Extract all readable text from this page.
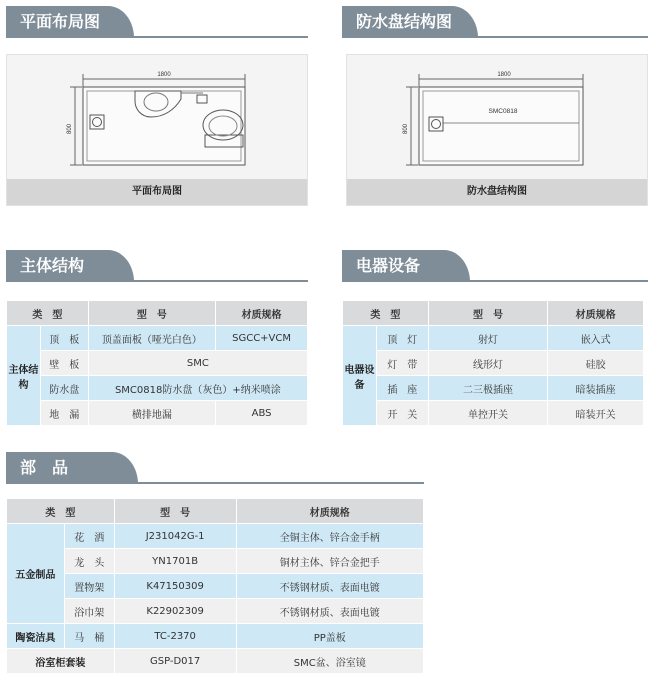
平面布局图
1800
800
平面布局图
防水盘结构图
1800
800
SMC0818
防水盘结构图
主体结构
类　型		型　号	材质规格
主体结构	顶　板	顶盖面板（哑光白色）	SGCC+VCM
	壁　板	SMC	
	防水盘	SMC0818防水盘（灰色）+纳米喷涂	
	地　漏	横排地漏	ABS
电器设备
类　型		型　号	材质规格
电器设备	顶　灯	射灯	嵌入式
	灯　带	线形灯	硅胶
	插　座	二三极插座	暗装插座
	开　关	单控开关	暗装开关
部　品
类　型		型　号	材质规格
五金制品	花　洒	J231042G-1	全铜主体、锌合金手柄
	龙　头	YN1701B	铜材主体、锌合金把手
	置物架	K47150309	不锈钢材质、表面电镀
	浴巾架	K22902309	不锈钢材质、表面电镀
陶瓷洁具	马　桶	TC-2370	PP盖板
浴室柜套装		GSP-D017	SMC盆、浴室镜
